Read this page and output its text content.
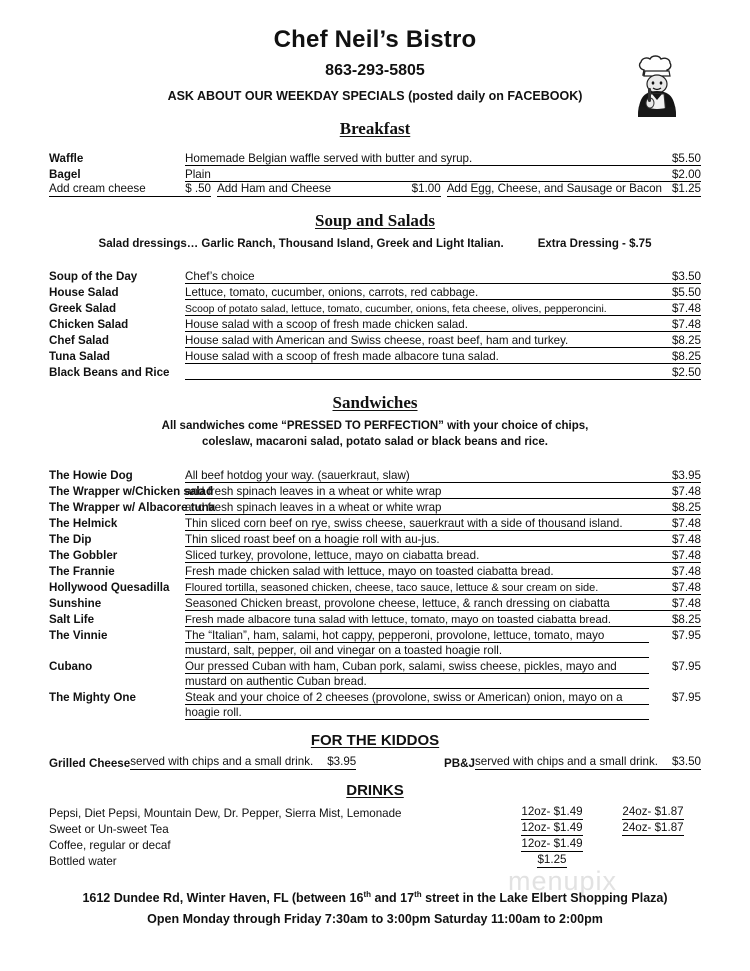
Chef Neil’s Bistro
863-293-5805
ASK ABOUT OUR WEEKDAY SPECIALS (posted daily on FACEBOOK)
Breakfast
Waffle	Homemade Belgian waffle served with butter and syrup.	$5.50
Bagel	Plain	$2.00
Add cream cheese	$ .50 Add Ham and Cheese	$1.00 Add Egg, Cheese, and Sausage or Bacon $1.25
Soup and Salads
Salad dressings… Garlic Ranch, Thousand Island, Greek and Light Italian.	Extra Dressing - $.75
Soup of the Day	Chef’s choice	$3.50
House Salad	Lettuce, tomato, cucumber, onions, carrots, red cabbage.	$5.50
Greek Salad	Scoop of potato salad, lettuce, tomato, cucumber, onions, feta cheese, olives, pepperoncini.	$7.48
Chicken Salad	House salad with a scoop of fresh made chicken salad.	$7.48
Chef Salad	House salad with American and Swiss cheese, roast beef, ham and turkey.	$8.25
Tuna Salad	House salad with a scoop of fresh made albacore tuna salad.	$8.25
Black Beans and Rice		$2.50
Sandwiches
All sandwiches come “PRESSED TO PERFECTION” with your choice of chips,
coleslaw, macaroni salad, potato salad or black beans and rice.
The Howie Dog	All beef hotdog your way. (sauerkraut, slaw)	$3.95
The Wrapper w/Chicken salad	and fresh spinach leaves in a wheat or white wrap	$7.48
The Wrapper w/ Albacore tuna	and fresh spinach leaves in a wheat or white wrap	$8.25
The Helmick	Thin sliced corn beef on rye, swiss cheese, sauerkraut with a side of thousand island.	$7.48
The Dip	Thin sliced roast beef on a hoagie roll with au-jus.	$7.48
The Gobbler	Sliced turkey, provolone, lettuce, mayo on ciabatta bread.	$7.48
The Frannie	Fresh made chicken salad with lettuce, mayo on toasted ciabatta bread.	$7.48
Hollywood Quesadilla	Floured tortilla, seasoned chicken, cheese, taco sauce, lettuce & sour cream on side.	$7.48
Sunshine	Seasoned Chicken breast, provolone cheese, lettuce, & ranch dressing on ciabatta	$7.48
Salt Life	Fresh made albacore tuna salad with lettuce, tomato, mayo on toasted ciabatta bread.	$8.25
The Vinnie	The “Italian”, ham, salami, hot cappy, pepperoni, provolone, lettuce, tomato, mayo	$7.95
	mustard, salt, pepper, oil and vinegar on a toasted hoagie roll.	
Cubano	Our pressed Cuban with ham, Cuban pork, salami, swiss cheese, pickles, mayo and	$7.95
	mustard on authentic Cuban bread.	
The Mighty One	Steak and your choice of 2 cheeses (provolone, swiss or American) onion, mayo on a	$7.95
	hoagie roll.	
FOR THE KIDDOS
Grilled Cheese served with chips and a small drink.	$3.95	PB&J served with chips and a small drink.	$3.50
DRINKS
Pepsi, Diet Pepsi, Mountain Dew, Dr. Pepper, Sierra Mist, Lemonade	12oz- $1.49	24oz- $1.87
Sweet or Un-sweet Tea	12oz- $1.49	24oz- $1.87
Coffee, regular or decaf	12oz- $1.49	
Bottled water	$1.25	
menupix
1612 Dundee Rd, Winter Haven, FL (between 16th and 17th street in the Lake Elbert Shopping Plaza)
Open Monday through Friday 7:30am to 3:00pm Saturday 11:00am to 2:00pm
